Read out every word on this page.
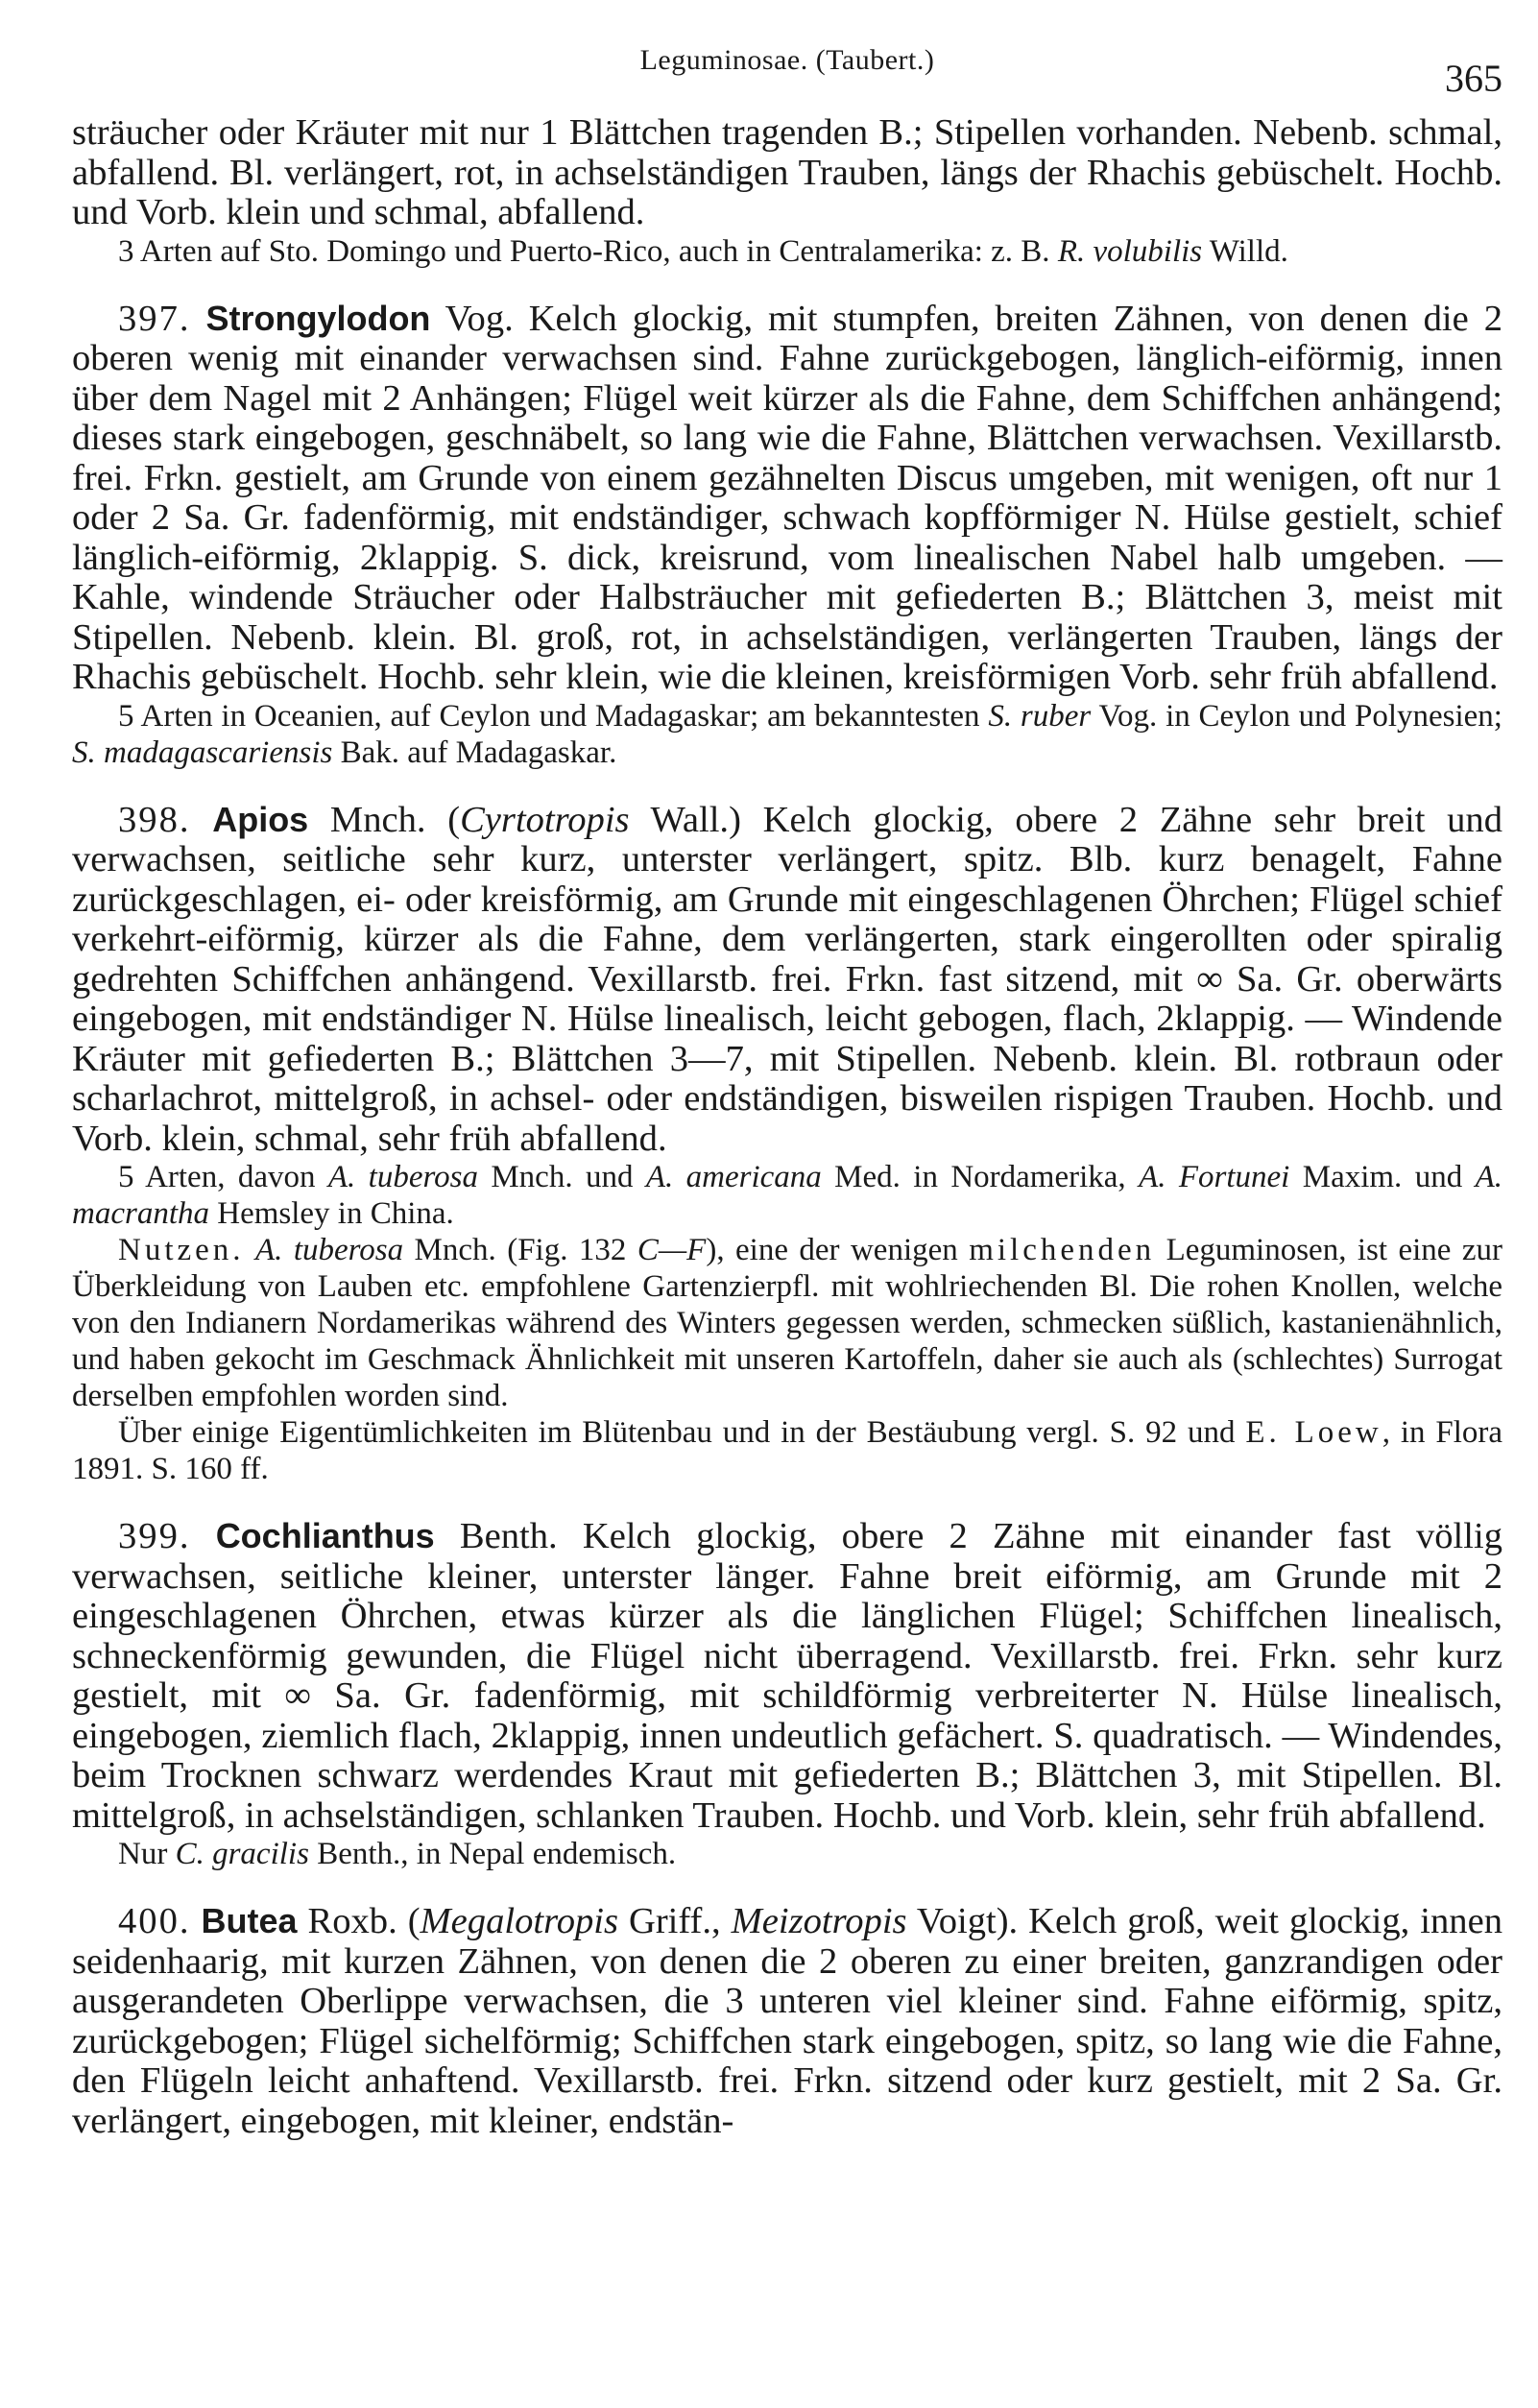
Leguminosae. (Taubert.)	365

sträucher oder Kräuter mit nur 1 Blättchen tragenden B.; Stipellen vorhanden. Nebenb. schmal, abfallend. Bl. verlängert, rot, in achselständigen Trauben, längs der Rhachis gebüschelt. Hochb. und Vorb. klein und schmal, abfallend.

3 Arten auf Sto. Domingo und Puerto-Rico, auch in Centralamerika: z. B. R. volubilis Willd.

397. Strongylodon Vog. Kelch glockig, mit stumpfen, breiten Zähnen, von denen die 2 oberen wenig mit einander verwachsen sind. Fahne zurückgebogen, länglich-eiförmig, innen über dem Nagel mit 2 Anhängen; Flügel weit kürzer als die Fahne, dem Schiffchen anhängend; dieses stark eingebogen, geschnäbelt, so lang wie die Fahne, Blättchen verwachsen. Vexillarstb. frei. Frkn. gestielt, am Grunde von einem gezähnelten Discus umgeben, mit wenigen, oft nur 1 oder 2 Sa. Gr. fadenförmig, mit endständiger, schwach kopfförmiger N. Hülse gestielt, schief länglich-eiförmig, 2klappig. S. dick, kreisrund, vom linealischen Nabel halb umgeben. — Kahle, windende Sträucher oder Halbsträucher mit gefiederten B.; Blättchen 3, meist mit Stipellen. Nebenb. klein. Bl. groß, rot, in achselständigen, verlängerten Trauben, längs der Rhachis gebüschelt. Hochb. sehr klein, wie die kleinen, kreisförmigen Vorb. sehr früh abfallend.

5 Arten in Oceanien, auf Ceylon und Madagaskar; am bekanntesten S. ruber Vog. in Ceylon und Polynesien; S. madagascariensis Bak. auf Madagaskar.

398. Apios Mnch. (Cyrtotropis Wall.) Kelch glockig, obere 2 Zähne sehr breit und verwachsen, seitliche sehr kurz, unterster verlängert, spitz. Blb. kurz benagelt, Fahne zurückgeschlagen, ei- oder kreisförmig, am Grunde mit eingeschlagenen Öhrchen; Flügel schief verkehrt-eiförmig, kürzer als die Fahne, dem verlängerten, stark eingerollten oder spiralig gedrehten Schiffchen anhängend. Vexillarstb. frei. Frkn. fast sitzend, mit ∞ Sa. Gr. oberwärts eingebogen, mit endständiger N. Hülse linealisch, leicht gebogen, flach, 2klappig. — Windende Kräuter mit gefiederten B.; Blättchen 3—7, mit Stipellen. Nebenb. klein. Bl. rotbraun oder scharlachrot, mittelgroß, in achsel- oder endständigen, bisweilen rispigen Trauben. Hochb. und Vorb. klein, schmal, sehr früh abfallend.

5 Arten, davon A. tuberosa Mnch. und A. americana Med. in Nordamerika, A. Fortunei Maxim. und A. macrantha Hemsley in China.

Nutzen. A. tuberosa Mnch. (Fig. 132 C—F), eine der wenigen milchenden Leguminosen, ist eine zur Überkleidung von Lauben etc. empfohlene Gartenzierpfl. mit wohlriechenden Bl. Die rohen Knollen, welche von den Indianern Nordamerikas während des Winters gegessen werden, schmecken süßlich, kastanienähnlich, und haben gekocht im Geschmack Ähnlichkeit mit unseren Kartoffeln, daher sie auch als (schlechtes) Surrogat derselben empfohlen worden sind.

Über einige Eigentümlichkeiten im Blütenbau und in der Bestäubung vergl. S. 92 und E. Loew, in Flora 1891. S. 160 ff.

399. Cochlianthus Benth. Kelch glockig, obere 2 Zähne mit einander fast völlig verwachsen, seitliche kleiner, unterster länger. Fahne breit eiförmig, am Grunde mit 2 eingeschlagenen Öhrchen, etwas kürzer als die länglichen Flügel; Schiffchen linealisch, schneckenförmig gewunden, die Flügel nicht überragend. Vexillarstb. frei. Frkn. sehr kurz gestielt, mit ∞ Sa. Gr. fadenförmig, mit schildförmig verbreiterter N. Hülse linealisch, eingebogen, ziemlich flach, 2klappig, innen undeutlich gefächert. S. quadratisch. — Windendes, beim Trocknen schwarz werdendes Kraut mit gefiederten B.; Blättchen 3, mit Stipellen. Bl. mittelgroß, in achselständigen, schlanken Trauben. Hochb. und Vorb. klein, sehr früh abfallend.

Nur C. gracilis Benth., in Nepal endemisch.

400. Butea Roxb. (Megalotropis Griff., Meizotropis Voigt). Kelch groß, weit glockig, innen seidenhaarig, mit kurzen Zähnen, von denen die 2 oberen zu einer breiten, ganzrandigen oder ausgerandeten Oberlippe verwachsen, die 3 unteren viel kleiner sind. Fahne eiförmig, spitz, zurückgebogen; Flügel sichelförmig; Schiffchen stark eingebogen, spitz, so lang wie die Fahne, den Flügeln leicht anhaftend. Vexillarstb. frei. Frkn. sitzend oder kurz gestielt, mit 2 Sa. Gr. verlängert, eingebogen, mit kleiner, endstän-
